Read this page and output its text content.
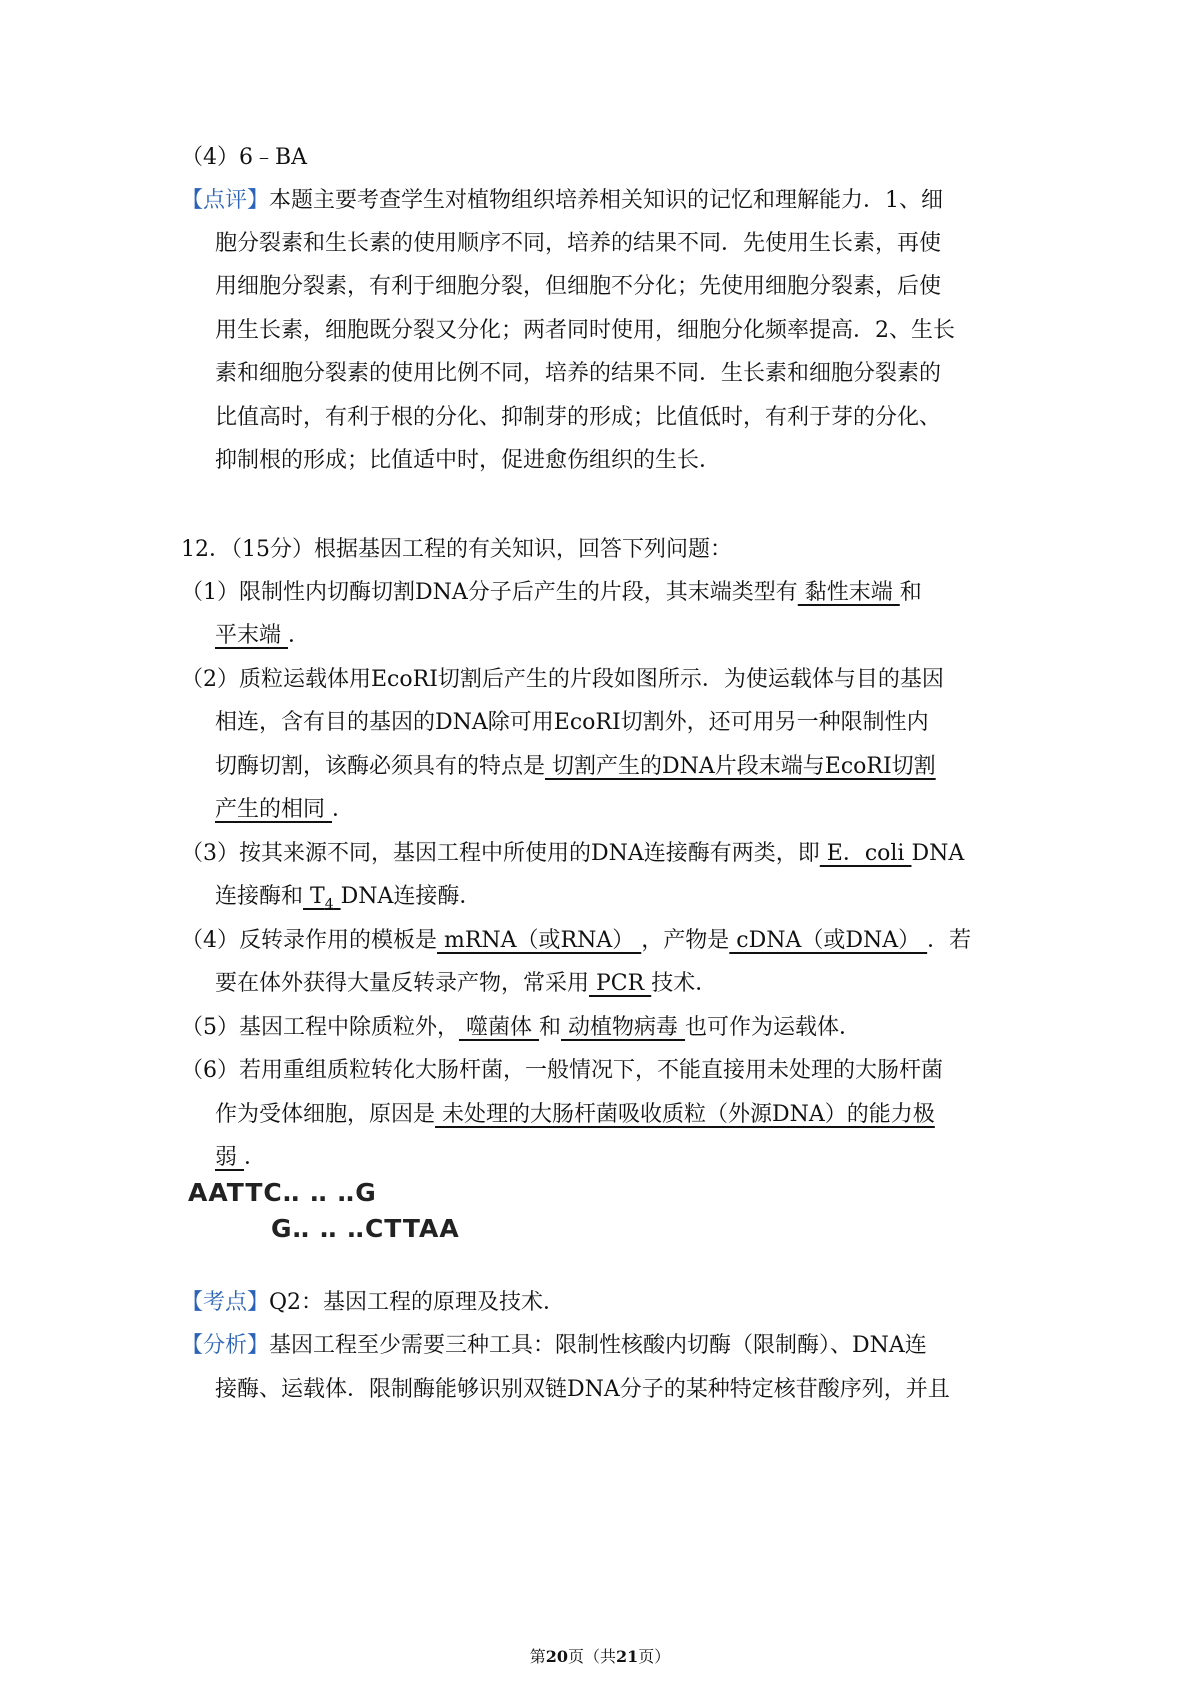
（4）6﹣BA
【点评】本题主要考查学生对植物组织培养相关知识的记忆和理解能力．1、细
胞分裂素和生长素的使用顺序不同，培养的结果不同．先使用生长素，再使
用细胞分裂素，有利于细胞分裂，但细胞不分化；先使用细胞分裂素，后使
用生长素，细胞既分裂又分化；两者同时使用，细胞分化频率提高．2、生长
素和细胞分裂素的使用比例不同，培养的结果不同．生长素和细胞分裂素的
比值高时，有利于根的分化、抑制芽的形成；比值低时，有利于芽的分化、
抑制根的形成；比值适中时，促进愈伤组织的生长．
12．（15分）根据基因工程的有关知识，回答下列问题：
（1）限制性内切酶切割DNA分子后产生的片段，其末端类型有 黏性末端 和
平末端 ．
（2）质粒运载体用EcoRⅠ切割后产生的片段如图所示．为使运载体与目的基因
相连，含有目的基因的DNA除可用EcoRⅠ切割外，还可用另一种限制性内
切酶切割，该酶必须具有的特点是 切割产生的DNA片段末端与EcoRI切割
产生的相同 ．
（3）按其来源不同，基因工程中所使用的DNA连接酶有两类，即 E．coli DNA
连接酶和 $T_4$ DNA连接酶．
（4）反转录作用的模板是 mRNA（或RNA） ，产物是 cDNA（或DNA） ．若
要在体外获得大量反转录产物，常采用 PCR 技术．
（5）基因工程中除质粒外， 噬菌体 和 动植物病毒 也可作为运载体．
（6）若用重组质粒转化大肠杆菌，一般情况下，不能直接用未处理的大肠杆菌
作为受体细胞，原因是 未处理的大肠杆菌吸收质粒（外源DNA）的能力极
弱 ．
AATTC‥ ‥ ‥G
G‥ ‥ ‥CTTAA
【考点】Q2：基因工程的原理及技术．
【分析】基因工程至少需要三种工具：限制性核酸内切酶（限制酶）、DNA连
接酶、运载体．限制酶能够识别双链DNA分子的某种特定核苷酸序列，并且
第20页（共21页）
